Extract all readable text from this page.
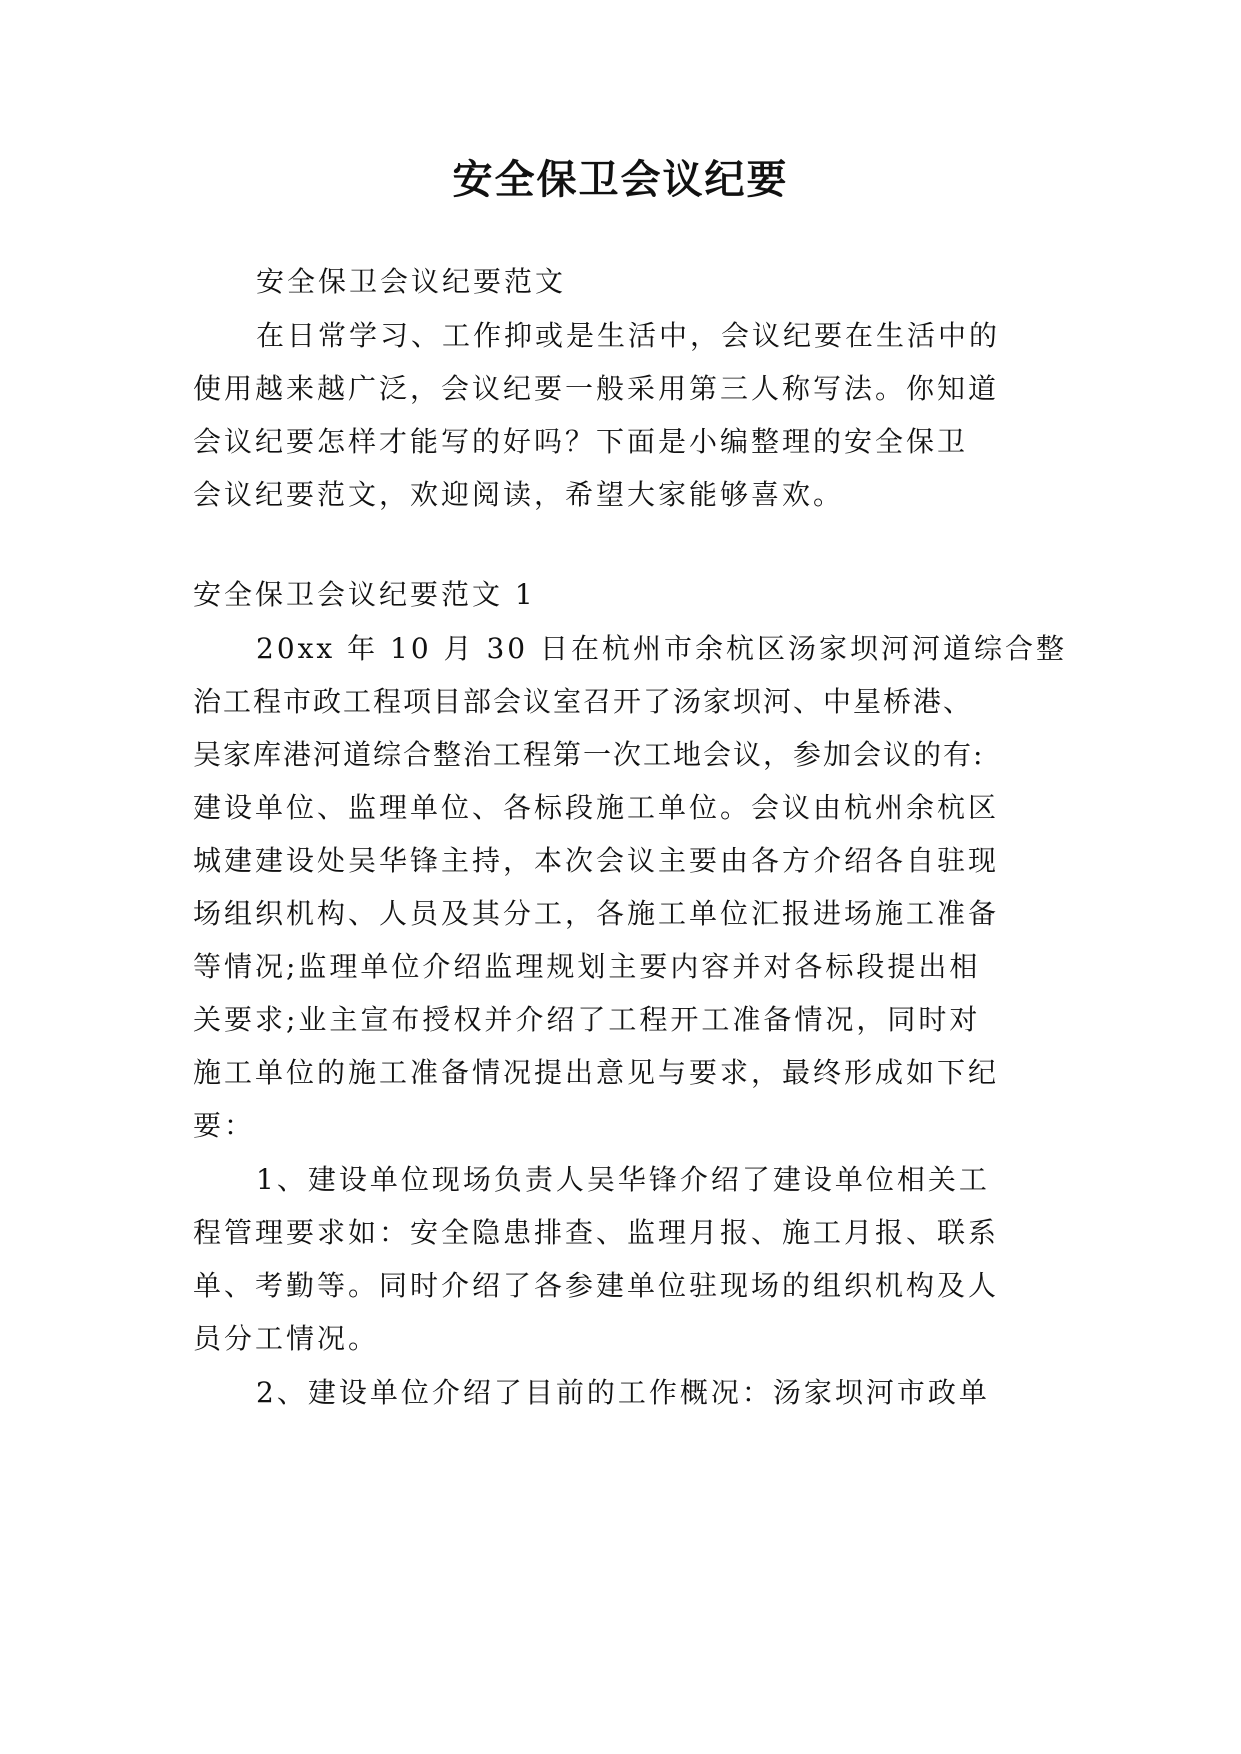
安全保卫会议纪要

安全保卫会议纪要范文

在日常学习、工作抑或是生活中，会议纪要在生活中的

使用越来越广泛，会议纪要一般采用第三人称写法。你知道

会议纪要怎样才能写的好吗？下面是小编整理的安全保卫

会议纪要范文，欢迎阅读，希望大家能够喜欢。

安全保卫会议纪要范文 1

20xx 年 10 月 30 日在杭州市余杭区汤家坝河河道综合整

治工程市政工程项目部会议室召开了汤家坝河、中星桥港、

吴家库港河道综合整治工程第一次工地会议，参加会议的有:

建设单位、监理单位、各标段施工单位。会议由杭州余杭区

城建建设处吴华锋主持，本次会议主要由各方介绍各自驻现

场组织机构、人员及其分工，各施工单位汇报进场施工准备

等情况;监理单位介绍监理规划主要内容并对各标段提出相

关要求;业主宣布授权并介绍了工程开工准备情况，同时对

施工单位的施工准备情况提出意见与要求，最终形成如下纪

要：

1、建设单位现场负责人吴华锋介绍了建设单位相关工

程管理要求如：安全隐患排查、监理月报、施工月报、联系

单、考勤等。同时介绍了各参建单位驻现场的组织机构及人

员分工情况。

2、建设单位介绍了目前的工作概况：汤家坝河市政单
